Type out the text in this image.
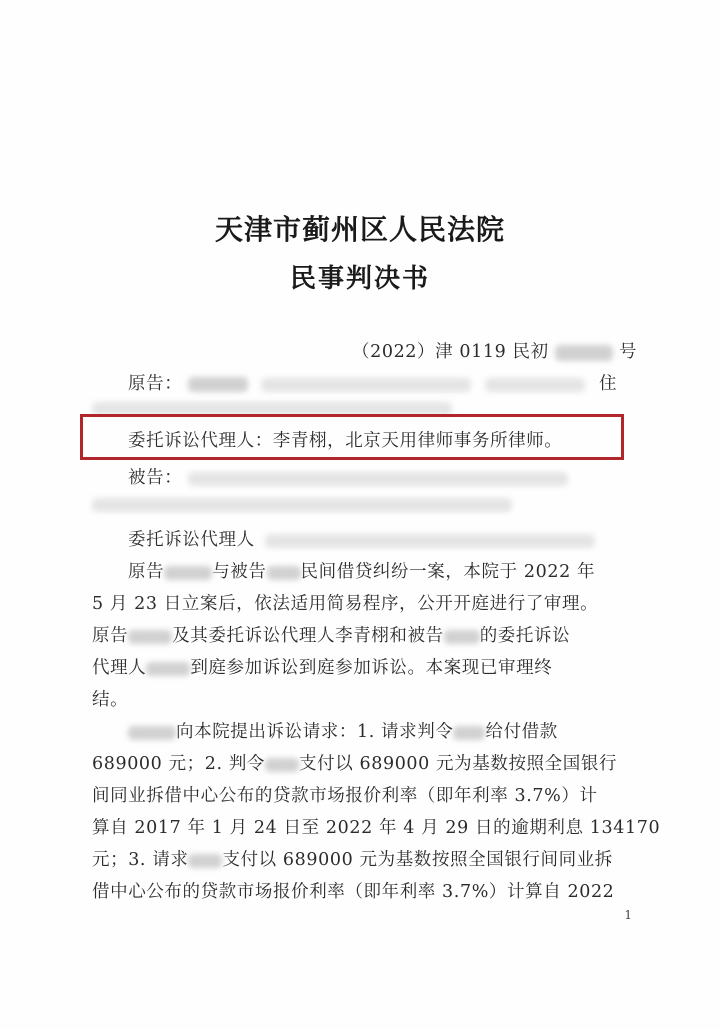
天津市蓟州区人民法院
民事判决书
（2022）津 0119 民初	号
原告：	住
委托诉讼代理人：李青栩，北京天用律师事务所律师。
被告：
委托诉讼代理人
原告	与被告 民间借贷纠纷一案，本院于 2022 年
5 月 23 日立案后，依法适用简易程序，公开开庭进行了审理。
原告	及其委托诉讼代理人李青栩和被告 的委托诉讼
代理人	到庭参加诉讼到庭参加诉讼。本案现已审理终
结。
向本院提出诉讼请求：1. 请求判令 给付借款
689000 元；2. 判令 支付以 689000 元为基数按照全国银行
间同业拆借中心公布的贷款市场报价利率（即年利率 3.7%）计
算自 2017 年 1 月 24 日至 2022 年 4 月 29 日的逾期利息 134170
元；3. 请求 支付以 689000 元为基数按照全国银行间同业拆
借中心公布的贷款市场报价利率（即年利率 3.7%）计算自 2022
1
